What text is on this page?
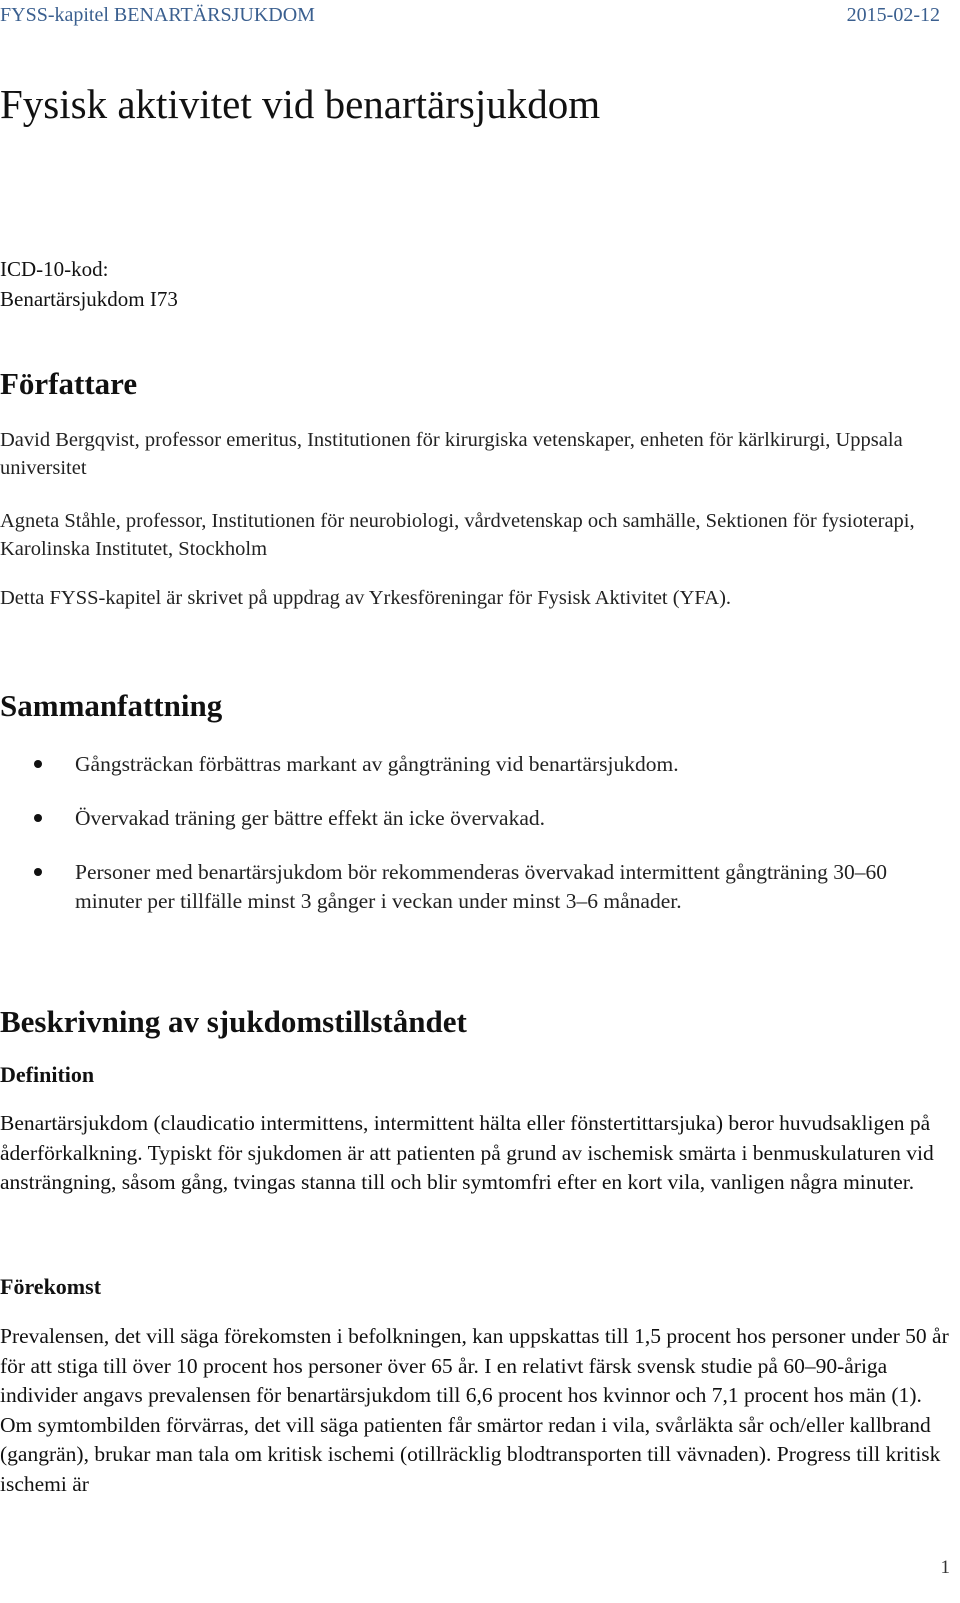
FYSS-kapitel BENARTÄRSJUKDOM	2015-02-12
Fysisk aktivitet vid benartärsjukdom
ICD-10-kod:
Benartärsjukdom I73
Författare

David Bergqvist, professor emeritus, Institutionen för kirurgiska vetenskaper, enheten för kärlkirurgi, Uppsala universitet

Agneta Ståhle, professor, Institutionen för neurobiologi, vårdvetenskap och samhälle, Sektionen för fysioterapi, Karolinska Institutet, Stockholm

Detta FYSS-kapitel är skrivet på uppdrag av Yrkesföreningar för Fysisk Aktivitet (YFA).

Sammanfattning
Gångsträckan förbättras markant av gångträning vid benartärsjukdom.
Övervakad träning ger bättre effekt än icke övervakad.
Personer med benartärsjukdom bör rekommenderas övervakad intermittent gångträning 30–60 minuter per tillfälle minst 3 gånger i veckan under minst 3–6 månader.
Beskrivning av sjukdomstillståndet
Definition

Benartärsjukdom (claudicatio intermittens, intermittent hälta eller fönstertittarsjuka) beror huvudsakligen på åderförkalkning. Typiskt för sjukdomen är att patienten på grund av ischemisk smärta i benmuskulaturen vid ansträngning, såsom gång, tvingas stanna till och blir symtomfri efter en kort vila, vanligen några minuter.

Förekomst

Prevalensen, det vill säga förekomsten i befolkningen, kan uppskattas till 1,5 procent hos personer under 50 år för att stiga till över 10 procent hos personer över 65 år. I en relativt färsk svensk studie på 60–90-åriga individer angavs prevalensen för benartärsjukdom till 6,6 procent hos kvinnor och 7,1 procent hos män (1). Om symtombilden förvärras, det vill säga patienten får smärtor redan i vila, svårläkta sår och/eller kallbrand (gangrän), brukar man tala om kritisk ischemi (otillräcklig blodtransporten till vävnaden). Progress till kritisk ischemi är

1
